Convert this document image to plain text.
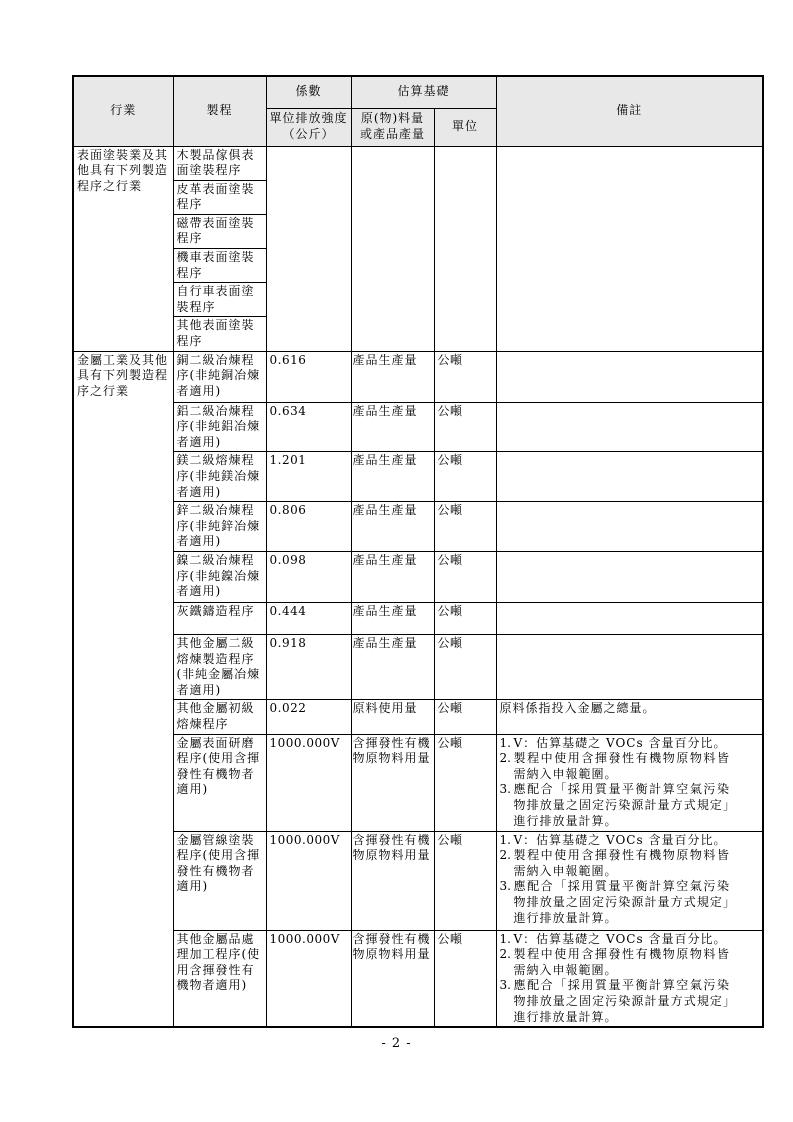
行業	製程	係數	估算基礎		備註
		單位排放強度（公斤）	原(物)料量或產品產量	單位	
表面塗裝業及其他具有下列製造程序之行業	木製品傢俱表面塗裝程序				
	皮革表面塗裝程序				
	磁帶表面塗裝程序				
	機車表面塗裝程序				
	自行車表面塗裝程序				
	其他表面塗裝程序				
金屬工業及其他具有下列製造程序之行業	銅二級冶煉程序(非純銅冶煉者適用)	0.616	產品生產量	公噸	
	鋁二級冶煉程序(非純鋁冶煉者適用)	0.634	產品生產量	公噸	
	鎂二級熔煉程序(非純鎂冶煉者適用)	1.201	產品生產量	公噸	
	鋅二級冶煉程序(非純鋅冶煉者適用)	0.806	產品生產量	公噸	
	鎳二級冶煉程序(非純鎳冶煉者適用)	0.098	產品生產量	公噸	
	灰鐵鑄造程序	0.444	產品生產量	公噸	
	其他金屬二級熔煉製造程序(非純金屬冶煉者適用)	0.918	產品生產量	公噸	
	其他金屬初級熔煉程序	0.022	原料使用量	公噸	原料係指投入金屬之總量。

金屬表面研磨程序(使用含揮發性有機物者適用)	1000.000V	含揮發性有機物原物料用量	公噸	1. V：估算基礎之 VOCs 含量百分比。
2. 製程中使用含揮發性有機物原物料皆需納入申報範圍。
3. 應配合「採用質量平衡計算空氣污染物排放量之固定污染源計量方式規定」進行排放量計算。

金屬管線塗裝程序(使用含揮發性有機物者適用)	1000.000V	含揮發性有機物原物料用量	公噸	1. V：估算基礎之 VOCs 含量百分比。
2. 製程中使用含揮發性有機物原物料皆需納入申報範圍。
3. 應配合「採用質量平衡計算空氣污染物排放量之固定污染源計量方式規定」進行排放量計算。

其他金屬品處理加工程序(使用含揮發性有機物者適用)	1000.000V	含揮發性有機物原物料用量	公噸	1. V：估算基礎之 VOCs 含量百分比。
2. 製程中使用含揮發性有機物原物料皆需納入申報範圍。
3. 應配合「採用質量平衡計算空氣污染物排放量之固定污染源計量方式規定」進行排放量計算。
- 2 -
